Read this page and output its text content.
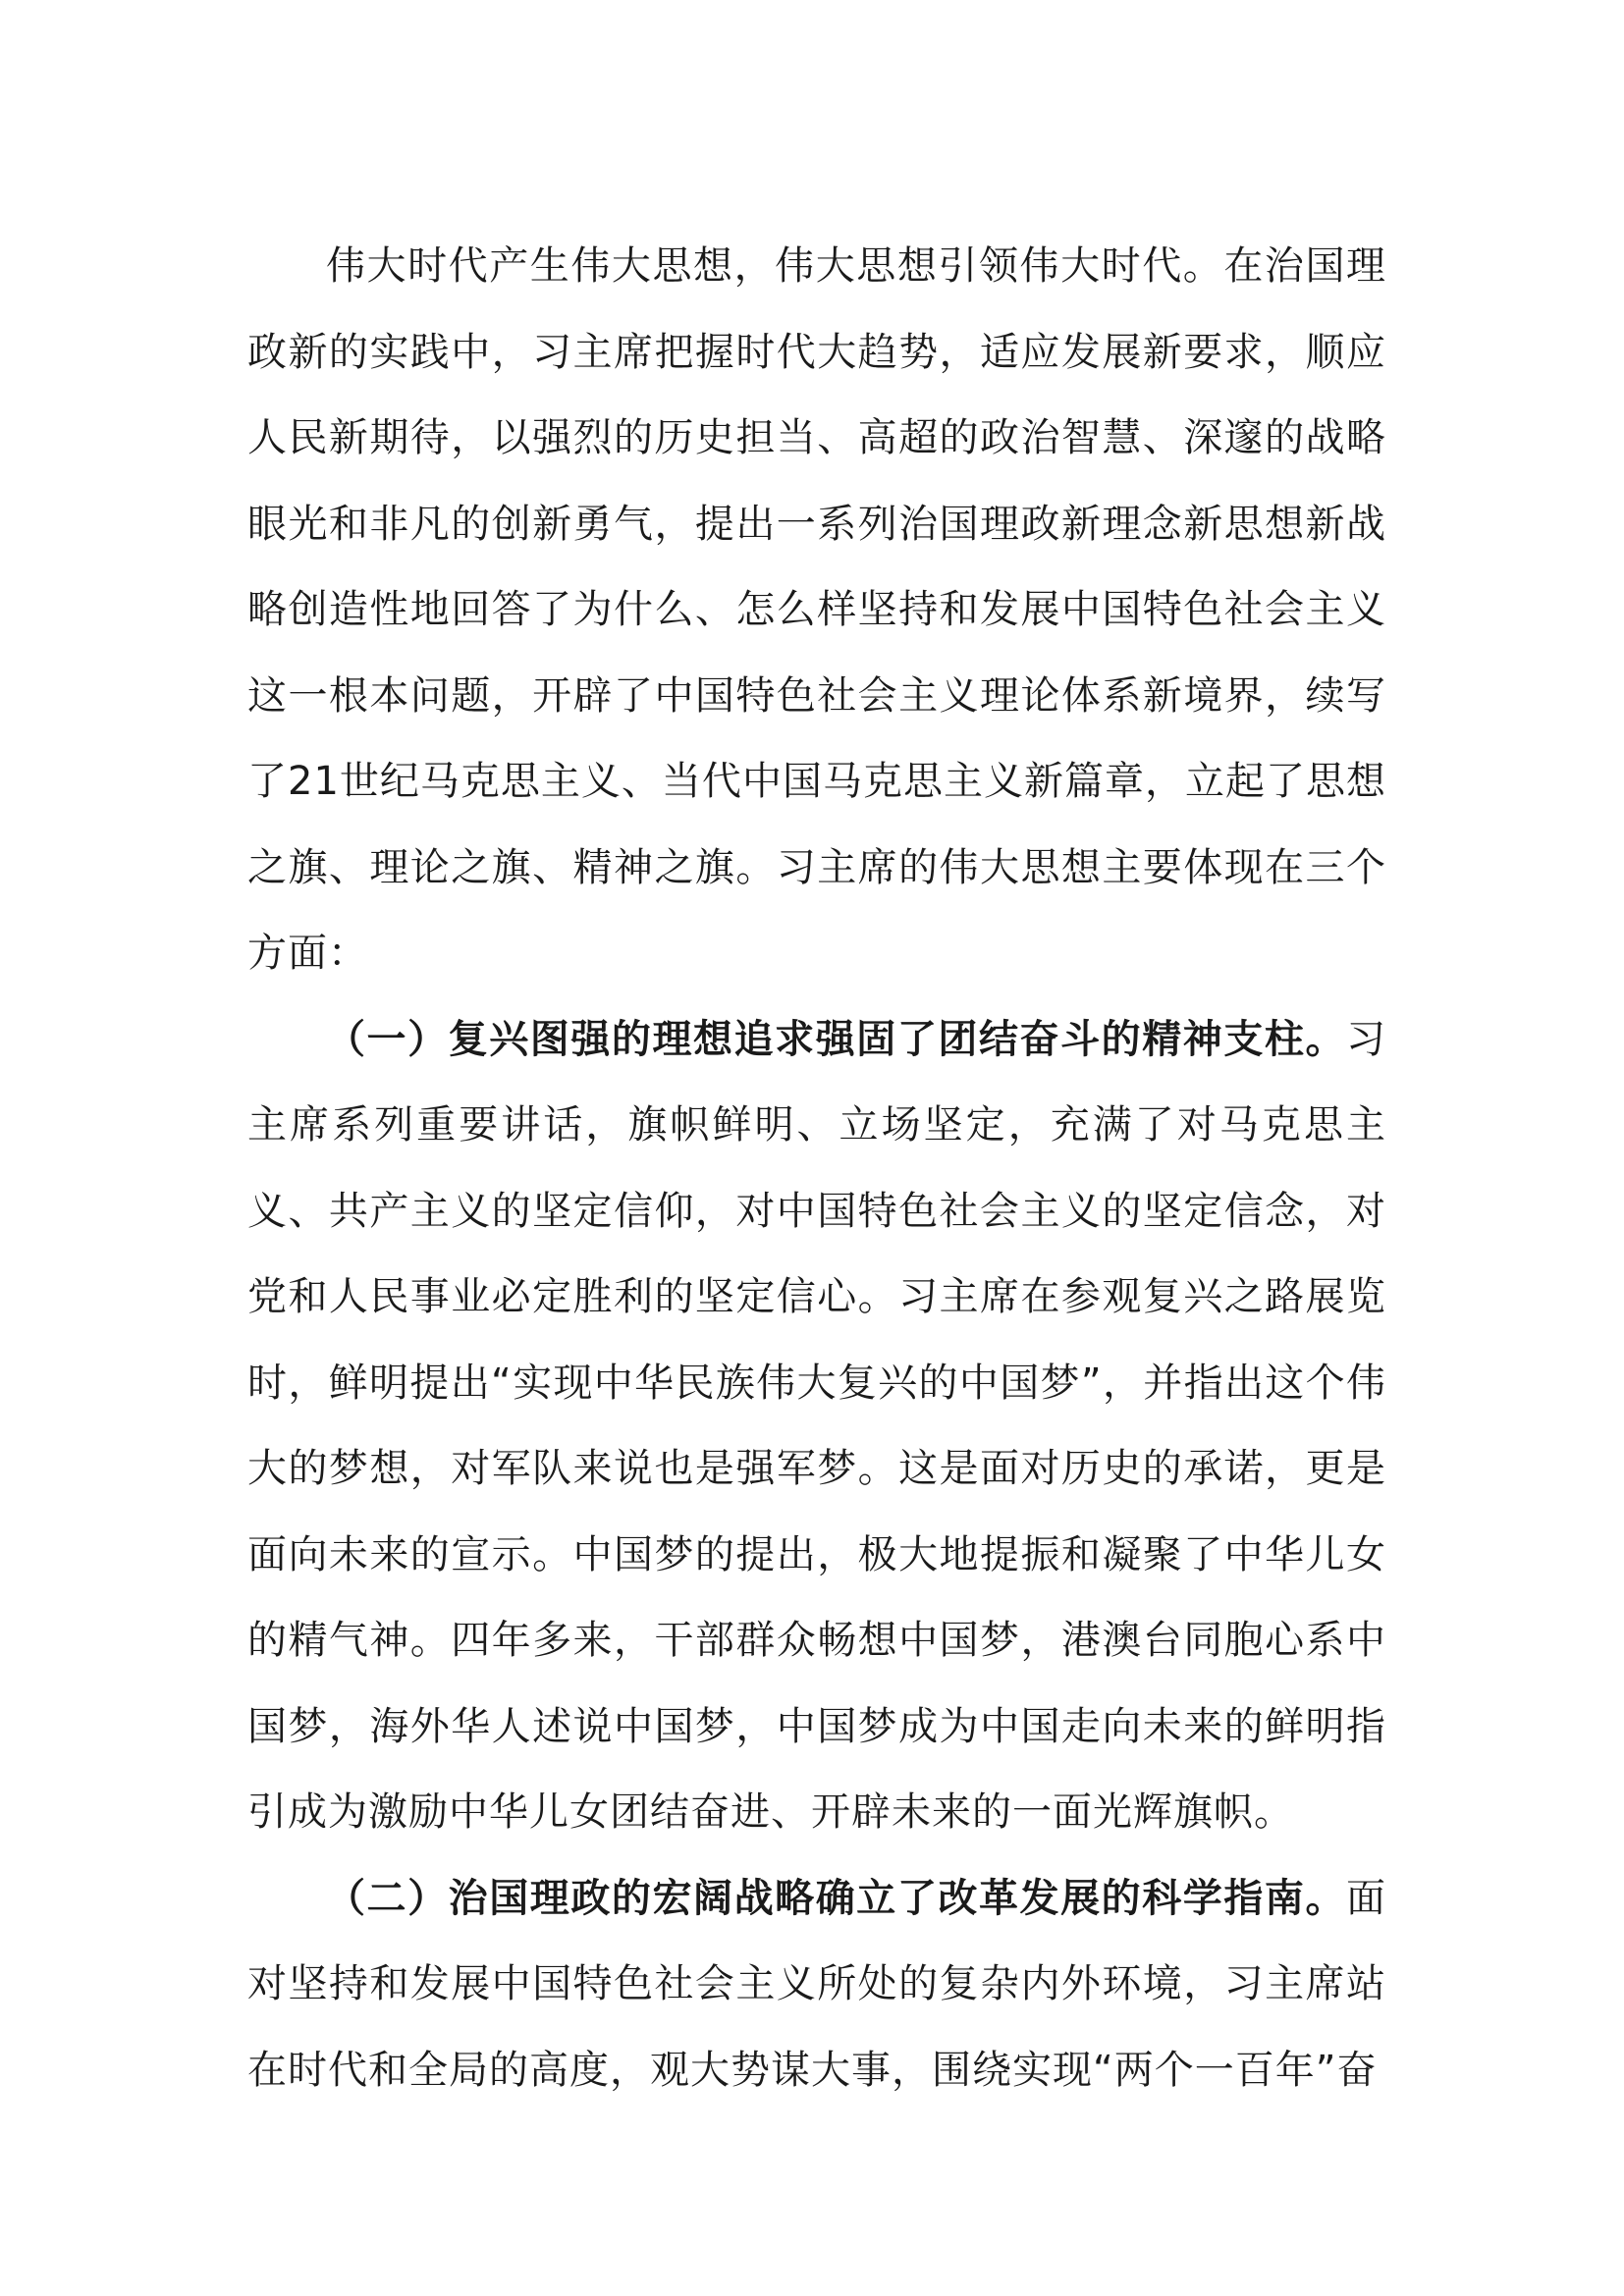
伟大时代产生伟大思想，伟大思想引领伟大时代。在治国理政新的实践中，习主席把握时代大趋势，适应发展新要求，顺应人民新期待，以强烈的历史担当、高超的政治智慧、深邃的战略眼光和非凡的创新勇气，提出一系列治国理政新理念新思想新战略创造性地回答了为什么、怎么样坚持和发展中国特色社会主义这一根本问题，开辟了中国特色社会主义理论体系新境界，续写了21世纪马克思主义、当代中国马克思主义新篇章，立起了思想之旗、理论之旗、精神之旗。习主席的伟大思想主要体现在三个方面：

（一）复兴图强的理想追求强固了团结奋斗的精神支柱。习主席系列重要讲话，旗帜鲜明、立场坚定，充满了对马克思主义、共产主义的坚定信仰，对中国特色社会主义的坚定信念，对党和人民事业必定胜利的坚定信心。习主席在参观复兴之路展览时，鲜明提出“实现中华民族伟大复兴的中国梦”，并指出这个伟大的梦想，对军队来说也是强军梦。这是面对历史的承诺，更是面向未来的宣示。中国梦的提出，极大地提振和凝聚了中华儿女的精气神。四年多来，干部群众畅想中国梦，港澳台同胞心系中国梦，海外华人述说中国梦，中国梦成为中国走向未来的鲜明指引成为激励中华儿女团结奋进、开辟未来的一面光辉旗帜。

（二）治国理政的宏阔战略确立了改革发展的科学指南。面对坚持和发展中国特色社会主义所处的复杂内外环境，习主席站在时代和全局的高度，观大势谋大事，围绕实现“两个一百年”奋
